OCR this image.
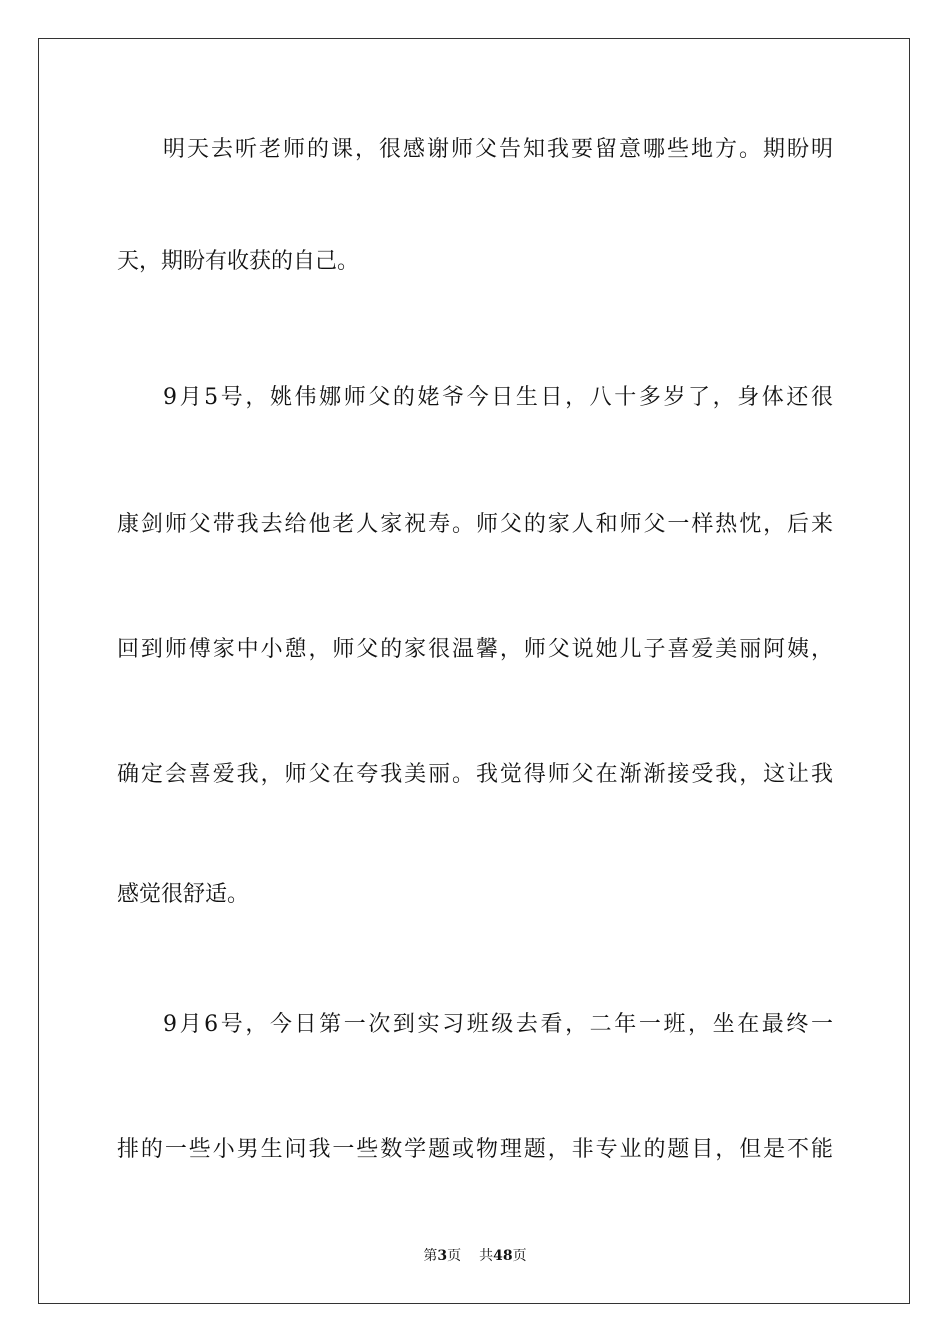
明天去听老师的课，很感谢师父告知我要留意哪些地方。期盼明
天，期盼有收获的自己。
9月5号，姚伟娜师父的姥爷今日生日，八十多岁了，身体还很
康剑师父带我去给他老人家祝寿。师父的家人和师父一样热忱，后来
回到师傅家中小憩，师父的家很温馨，师父说她儿子喜爱美丽阿姨，
确定会喜爱我，师父在夸我美丽。我觉得师父在渐渐接受我，这让我
感觉很舒适。
9月6号，今日第一次到实习班级去看，二年一班，坐在最终一
排的一些小男生问我一些数学题或物理题，非专业的题目，但是不能
第3页 共48页
